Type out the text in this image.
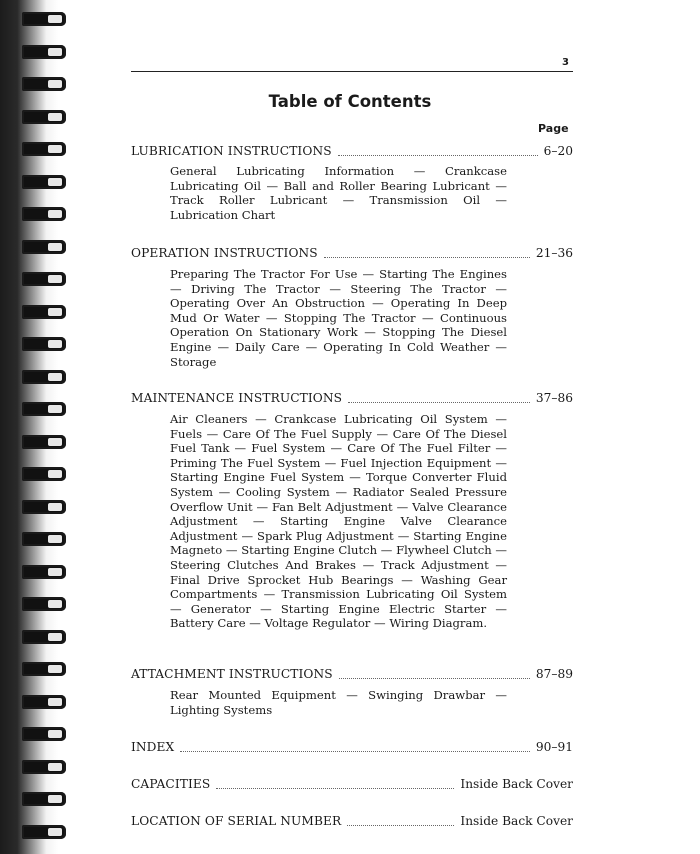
3
Table of Contents
Page
LUBRICATION INSTRUCTIONS	6–20

General Lubricating Information — Crankcase Lubricating Oil — Ball and Roller Bearing Lubricant — Track Roller Lubricant — Transmission Oil — Lubrication Chart

OPERATION INSTRUCTIONS	21–36

Preparing The Tractor For Use — Starting The Engines — Driving The Tractor — Steering The Tractor — Operating Over An Obstruction — Operating In Deep Mud Or Water — Stopping The Tractor — Continuous Operation On Stationary Work — Stopping The Diesel Engine — Daily Care — Operating In Cold Weather — Storage

MAINTENANCE INSTRUCTIONS	37–86

Air Cleaners — Crankcase Lubricating Oil System — Fuels — Care Of The Fuel Supply — Care Of The Diesel Fuel Tank — Fuel System — Care Of The Fuel Filter — Priming The Fuel System — Fuel Injection Equipment — Starting Engine Fuel System — Torque Converter Fluid System — Cooling System — Radiator Sealed Pressure Overflow Unit — Fan Belt Adjustment — Valve Clearance Adjustment — Starting Engine Valve Clearance Adjustment — Spark Plug Adjustment — Starting Engine Magneto — Starting Engine Clutch — Flywheel Clutch — Steering Clutches And Brakes — Track Adjustment — Final Drive Sprocket Hub Bearings — Washing Gear Compartments — Transmission Lubricating Oil System — Generator — Starting Engine Electric Starter — Battery Care — Voltage Regulator — Wiring Diagram.

ATTACHMENT INSTRUCTIONS	87–89

Rear Mounted Equipment — Swinging Drawbar — Lighting Systems

INDEX	90–91
CAPACITIES	Inside Back Cover
LOCATION OF SERIAL NUMBER	Inside Back Cover
